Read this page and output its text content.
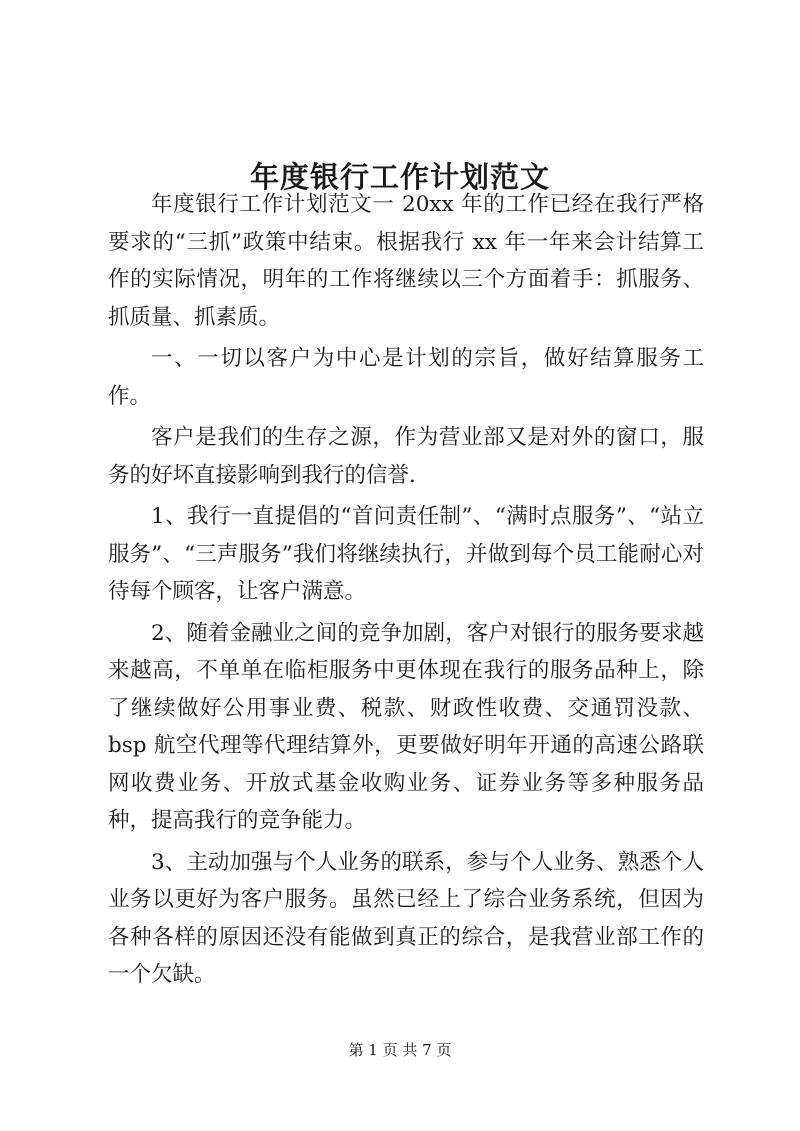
年度银行工作计划范文

年度银行工作计划范文一 20xx 年的工作已经在我行严格要求的“三抓”政策中结束。根据我行 xx 年一年来会计结算工作的实际情况，明年的工作将继续以三个方面着手：抓服务、抓质量、抓素质。

一、一切以客户为中心是计划的宗旨，做好结算服务工作。

客户是我们的生存之源，作为营业部又是对外的窗口，服务的好坏直接影响到我行的信誉.

1、我行一直提倡的“首问责任制”、“满时点服务”、“站立服务”、“三声服务”我们将继续执行，并做到每个员工能耐心对待每个顾客，让客户满意。

2、随着金融业之间的竞争加剧，客户对银行的服务要求越来越高，不单单在临柜服务中更体现在我行的服务品种上，除了继续做好公用事业费、税款、财政性收费、交通罚没款、bsp 航空代理等代理结算外，更要做好明年开通的高速公路联网收费业务、开放式基金收购业务、证券业务等多种服务品种，提高我行的竞争能力。

3、主动加强与个人业务的联系，参与个人业务、熟悉个人业务以更好为客户服务。虽然已经上了综合业务系统，但因为各种各样的原因还没有能做到真正的综合，是我营业部工作的一个欠缺。

第 1 页 共 7 页
